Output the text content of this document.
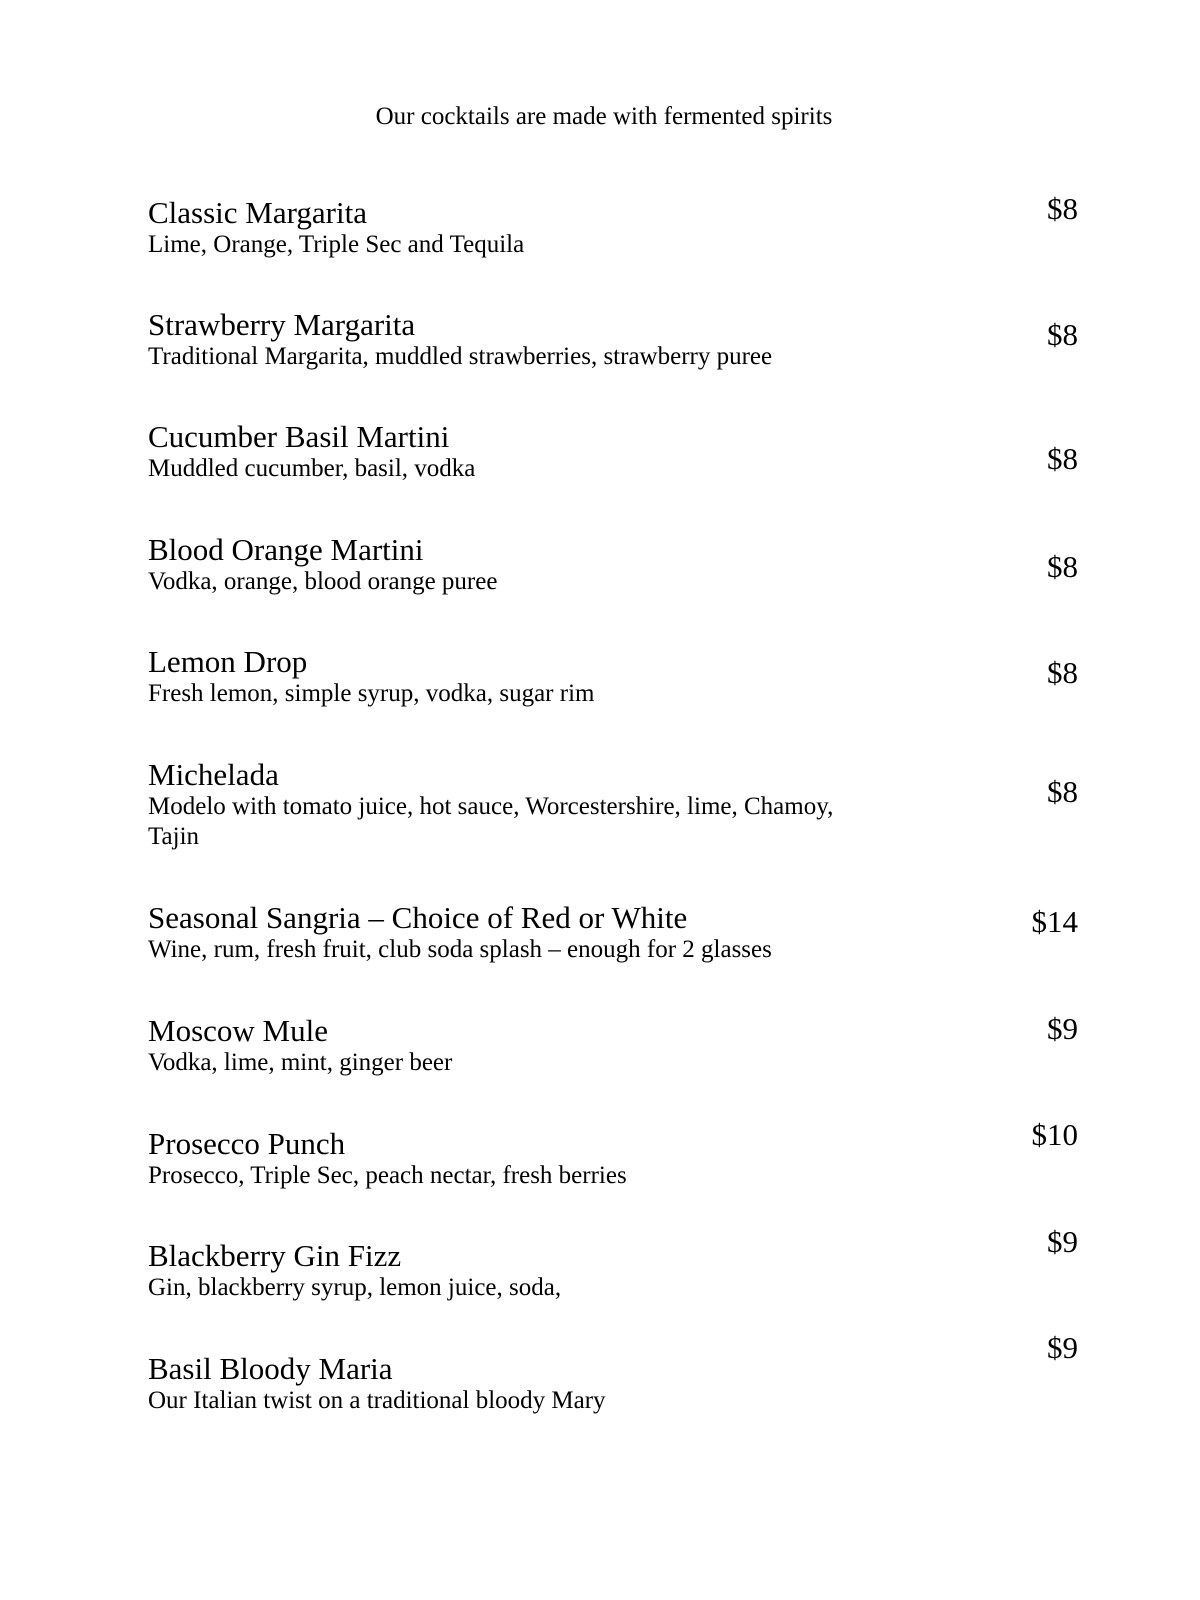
Our cocktails are made with fermented spirits
Classic Margarita
Lime, Orange, Triple Sec and Tequila
$8
Strawberry Margarita
Traditional Margarita, muddled strawberries, strawberry puree
$8
Cucumber Basil Martini
Muddled cucumber, basil, vodka	$8
Blood Orange Martini
Vodka, orange, blood orange puree	$8
Lemon Drop
Fresh lemon, simple syrup, vodka, sugar rim
$8
Michelada
Modelo with tomato juice, hot sauce, Worcestershire, lime, Chamoy, Tajin
$8
Seasonal Sangria – Choice of Red or White
Wine, rum, fresh fruit, club soda splash – enough for 2 glasses
$14
Moscow Mule
Vodka, lime, mint, ginger beer
$9
Prosecco Punch
Prosecco, Triple Sec, peach nectar, fresh berries
$10
Blackberry Gin Fizz
Gin, blackberry syrup, lemon juice, soda,
$9
Basil Bloody Maria
Our Italian twist on a traditional bloody Mary
$9
